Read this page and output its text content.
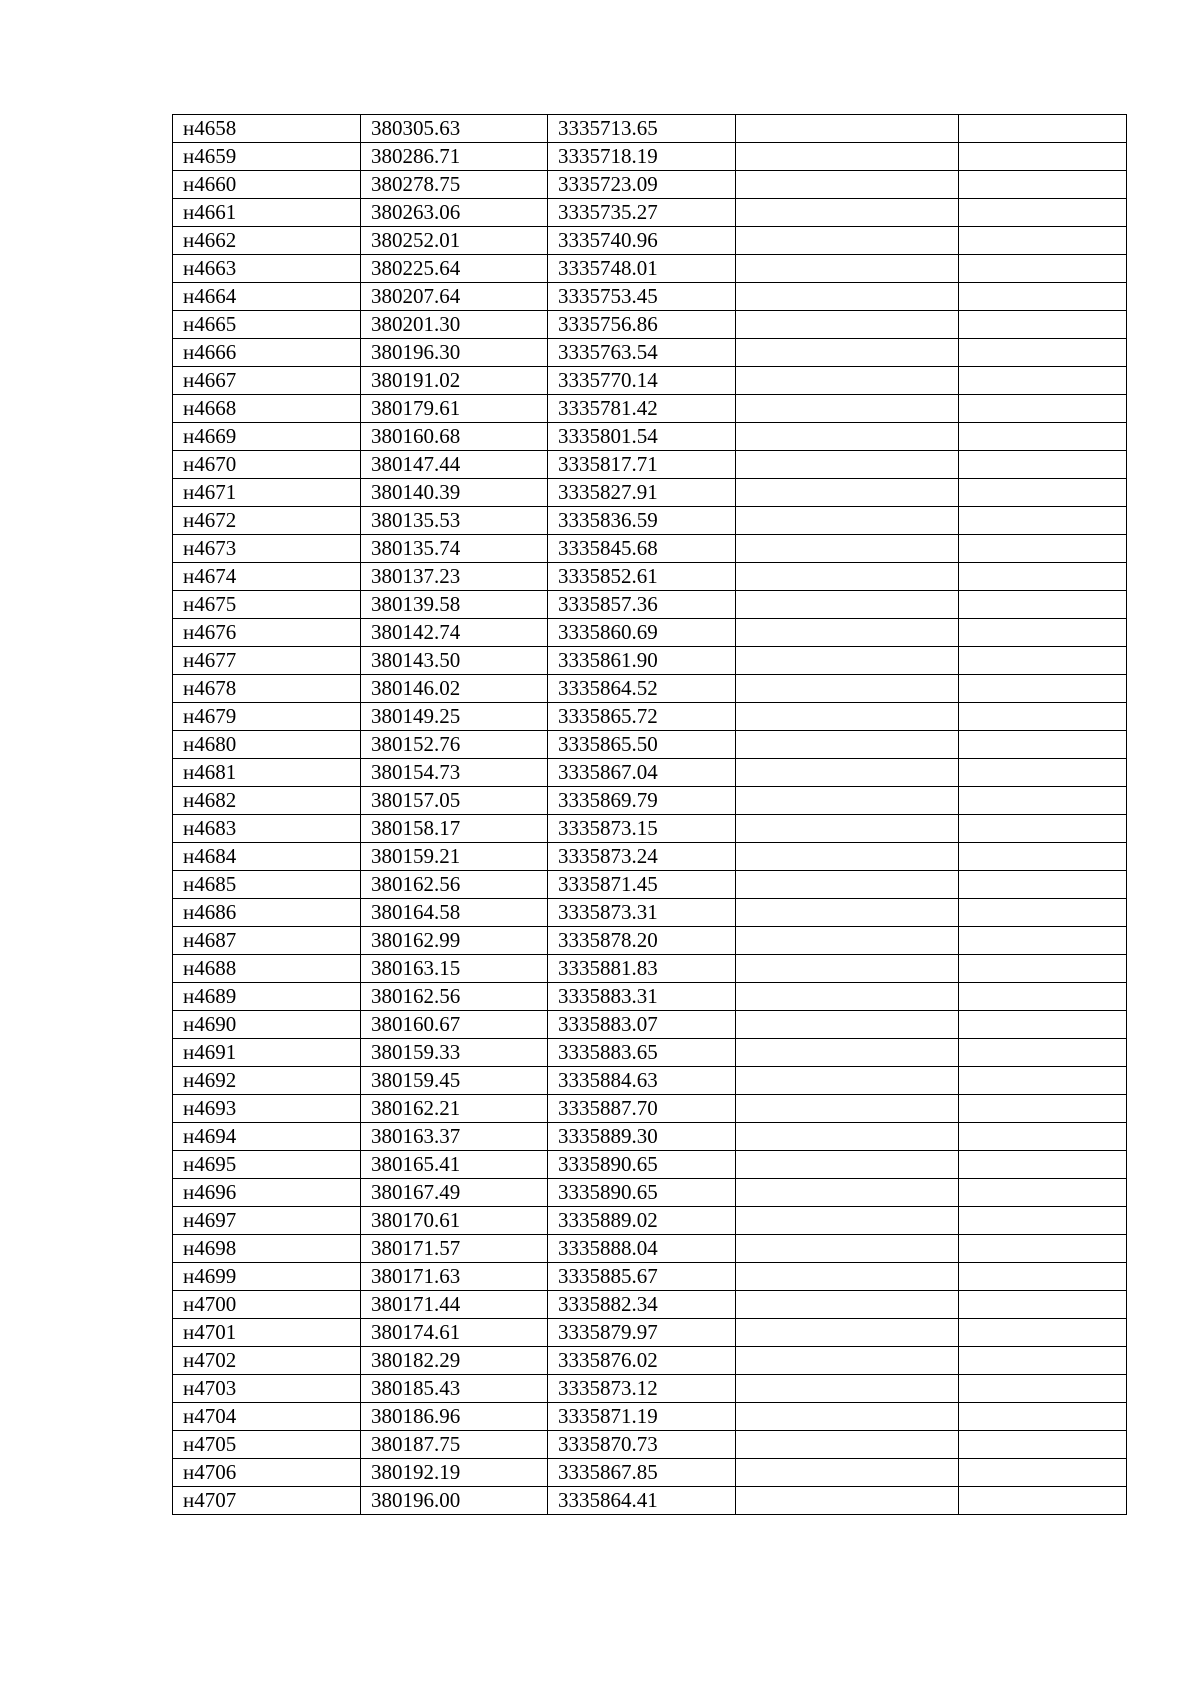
н4658	380305.63	3335713.65		
н4659	380286.71	3335718.19		
н4660	380278.75	3335723.09		
н4661	380263.06	3335735.27		
н4662	380252.01	3335740.96		
н4663	380225.64	3335748.01		
н4664	380207.64	3335753.45		
н4665	380201.30	3335756.86		
н4666	380196.30	3335763.54		
н4667	380191.02	3335770.14		
н4668	380179.61	3335781.42		
н4669	380160.68	3335801.54		
н4670	380147.44	3335817.71		
н4671	380140.39	3335827.91		
н4672	380135.53	3335836.59		
н4673	380135.74	3335845.68		
н4674	380137.23	3335852.61		
н4675	380139.58	3335857.36		
н4676	380142.74	3335860.69		
н4677	380143.50	3335861.90		
н4678	380146.02	3335864.52		
н4679	380149.25	3335865.72		
н4680	380152.76	3335865.50		
н4681	380154.73	3335867.04		
н4682	380157.05	3335869.79		
н4683	380158.17	3335873.15		
н4684	380159.21	3335873.24		
н4685	380162.56	3335871.45		
н4686	380164.58	3335873.31		
н4687	380162.99	3335878.20		
н4688	380163.15	3335881.83		
н4689	380162.56	3335883.31		
н4690	380160.67	3335883.07		
н4691	380159.33	3335883.65		
н4692	380159.45	3335884.63		
н4693	380162.21	3335887.70		
н4694	380163.37	3335889.30		
н4695	380165.41	3335890.65		
н4696	380167.49	3335890.65		
н4697	380170.61	3335889.02		
н4698	380171.57	3335888.04		
н4699	380171.63	3335885.67		
н4700	380171.44	3335882.34		
н4701	380174.61	3335879.97		
н4702	380182.29	3335876.02		
н4703	380185.43	3335873.12		
н4704	380186.96	3335871.19		
н4705	380187.75	3335870.73		
н4706	380192.19	3335867.85		
н4707	380196.00	3335864.41		
